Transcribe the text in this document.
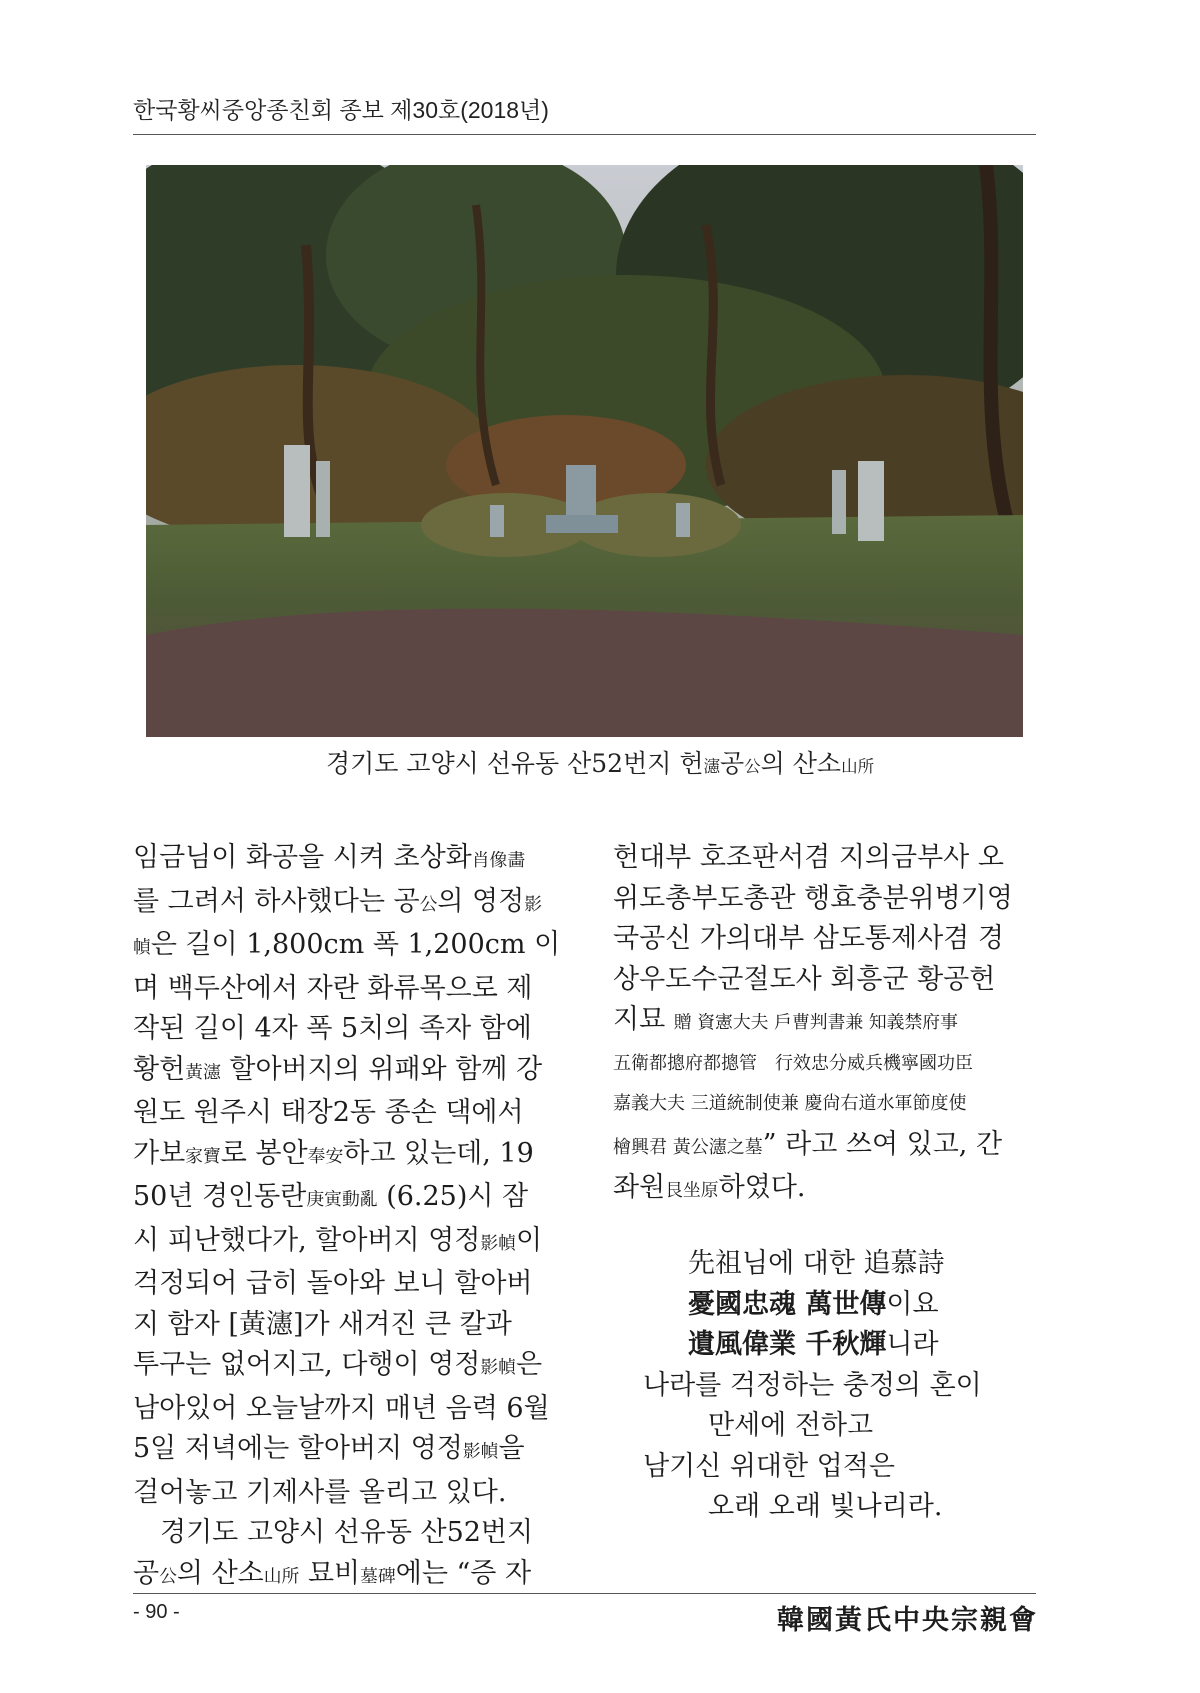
한국황씨중앙종친회 종보 제30호(2018년)
경기도 고양시 선유동 산52번지 헌瀗공公의 산소山所
임금님이 화공을 시켜 초상화肖像畵
를 그려서 하사했다는 공公의 영정影
幀은 길이 1,800cm 폭 1,200cm 이
며 백두산에서 자란 화류목으로 제
작된 길이 4자 폭 5치의 족자 함에
황헌黃瀗 할아버지의 위패와 함께 강
원도 원주시 태장2동 종손 댁에서
가보家寶로 봉안奉安하고 있는데, 19
50년 경인동란庚寅動亂 (6.25)시 잠
시 피난했다가, 할아버지 영정影幀이
걱정되어 급히 돌아와 보니 할아버
지 함자 [黃瀗]가 새겨진 큰 칼과
투구는 없어지고, 다행이 영정影幀은
남아있어 오늘날까지 매년 음력 6월
5일 저녁에는 할아버지 영정影幀을
걸어놓고 기제사를 올리고 있다.
경기도 고양시 선유동 산52번지
공公의 산소山所 묘비墓碑에는 “증 자
헌대부 호조판서겸 지의금부사 오
위도총부도총관 행효충분위병기영
국공신 가의대부 삼도통제사겸 경
상우도수군절도사 회흥군 황공헌
지묘 贈 資憲大夫 戶曹判書兼 知義禁府事
五衛都摠府都摠管　行效忠分威兵機寧國功臣
嘉義大夫 三道統制使兼 慶尙右道水軍節度使
檜興君 黃公瀗之墓” 라고 쓰여 있고, 간
좌원艮坐原하였다.
先祖님에 대한 追慕詩
憂國忠魂 萬世傳이요
遺風偉業 千秋輝니라
나라를 걱정하는 충정의 혼이
만세에 전하고
남기신 위대한 업적은
오래 오래 빛나리라.
- 90 -	韓國黃氏中央宗親會
